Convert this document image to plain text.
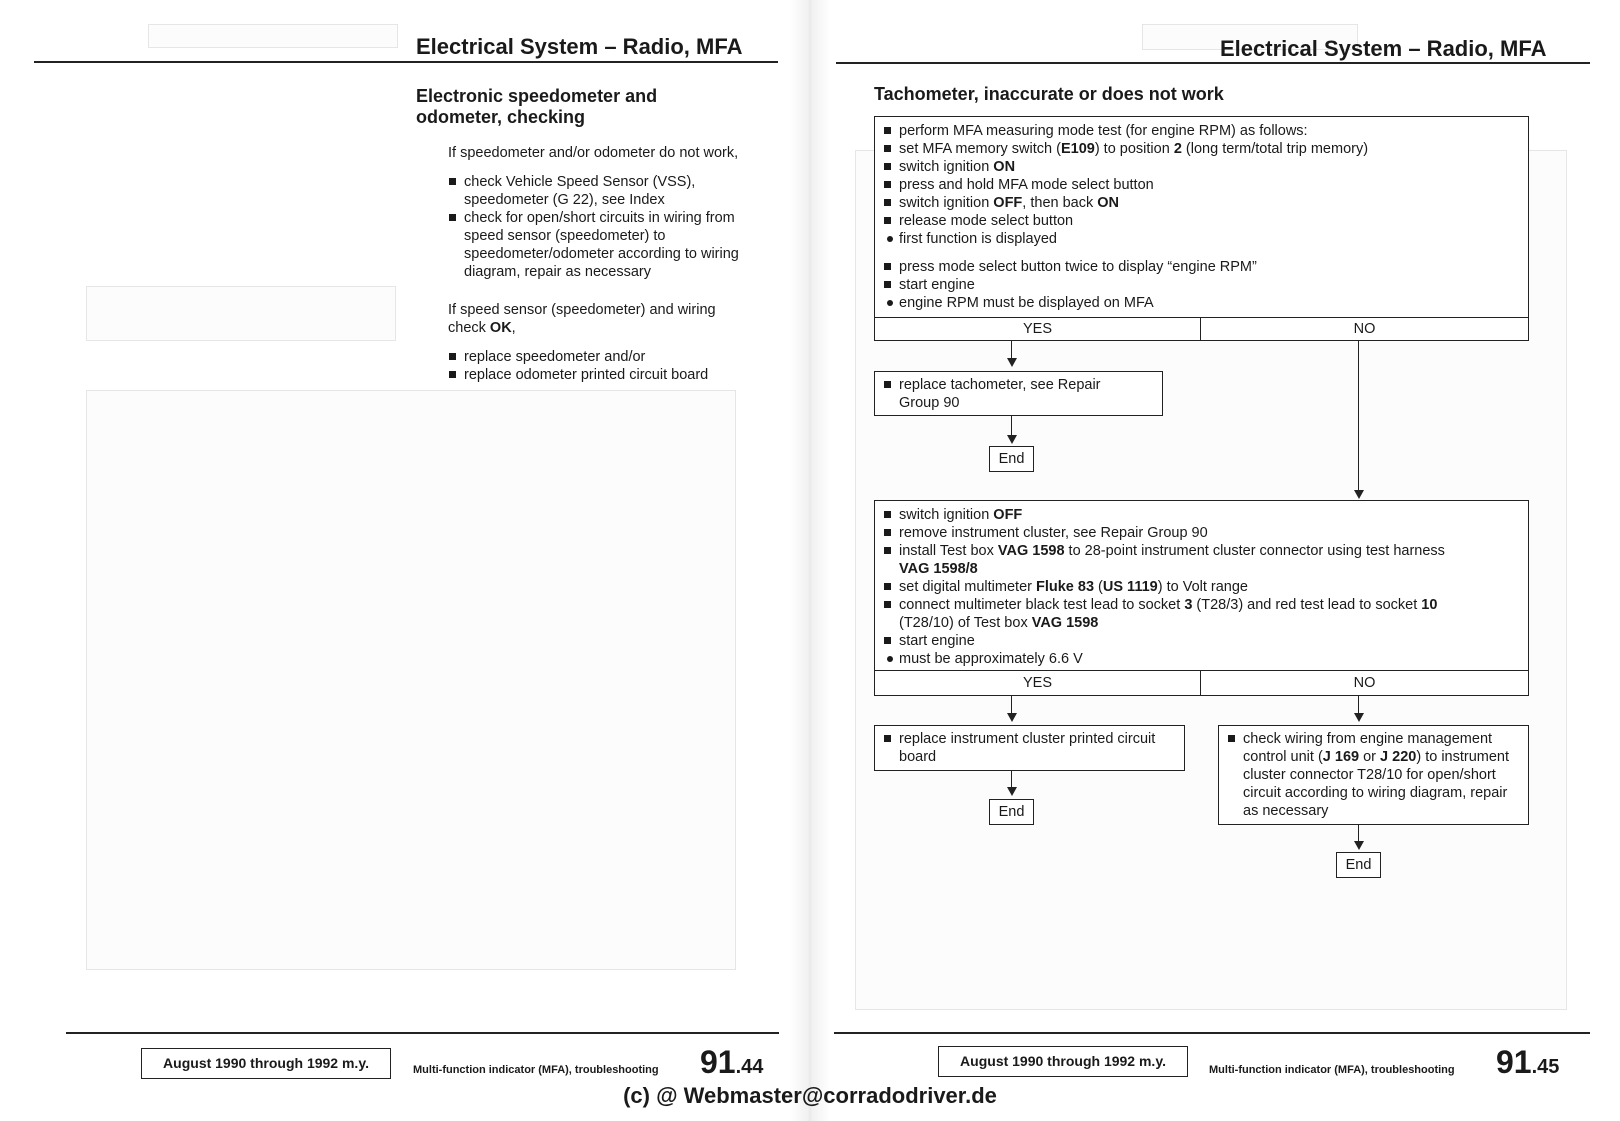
Electrical System – Radio, MFA
Electronic speedometer and
odometer, checking
If speedometer and/or odometer do not work,
check Vehicle Speed Sensor (VSS),
speedometer (G 22), see Index
check for open/short circuits in wiring from
speed sensor (speedometer) to
speedometer/odometer according to wiring
diagram, repair as necessary
If speed sensor (speedometer) and wiring
check OK,
replace speedometer and/or
replace odometer printed circuit board
August 1990 through 1992 m.y.	Multi-function indicator (MFA), troubleshooting 91.44
Electrical System – Radio, MFA
Tachometer, inaccurate or does not work
perform MFA measuring mode test (for engine RPM) as follows:
set MFA memory switch (E109) to position 2 (long term/total trip memory)
switch ignition ON
press and hold MFA mode select button
switch ignition OFF, then back ON
release mode select button
first function is displayed
press mode select button twice to display “engine RPM”
start engine
engine RPM must be displayed on MFA
YES	NO
replace tachometer, see Repair
Group 90
End
switch ignition OFF
remove instrument cluster, see Repair Group 90
install Test box VAG 1598 to 28-point instrument cluster connector using test harness
VAG 1598/8
set digital multimeter Fluke 83 (US 1119) to Volt range
connect multimeter black test lead to socket 3 (T28/3) and red test lead to socket 10
(T28/10) of Test box VAG 1598
start engine
must be approximately 6.6 V
YES	NO
replace instrument cluster printed circuit
board
End
check wiring from engine management
control unit (J 169 or J 220) to instrument
cluster connector T28/10 for open/short
circuit according to wiring diagram, repair
as necessary
End
August 1990 through 1992 m.y.
Multi-function indicator (MFA), troubleshooting 91.45
(c) @ Webmaster@corradodriver.de
